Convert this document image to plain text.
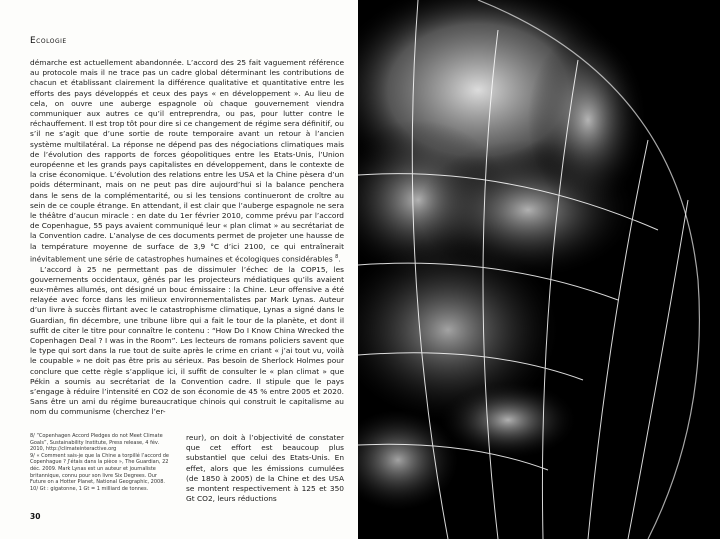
Ecologie

démarche est actuellement abandonnée. L’accord des 25 fait vaguement référence au protocole mais il ne trace pas un cadre global déterminant les contributions de chacun et établissant clairement la différence qualitative et quantitative entre les efforts des pays développés et ceux des pays « en développement ». Au lieu de cela, on ouvre une auberge espagnole où chaque gouvernement viendra communiquer aux autres ce qu’il entreprendra, ou pas, pour lutter contre le réchauffement. Il est trop tôt pour dire si ce changement de régime sera définitif, ou s’il ne s’agit que d’une sortie de route temporaire avant un retour à l’ancien système multilatéral. La réponse ne dépend pas des négociations climatiques mais de l’évolution des rapports de forces géopolitiques entre les Etats-Unis, l’Union européenne et les grands pays capitalistes en développement, dans le contexte de la crise économique. L’évolution des relations entre les USA et la Chine pèsera d’un poids déterminant, mais on ne peut pas dire aujourd’hui si la balance penchera dans le sens de la complémentarité, ou si les tensions continueront de croître au sein de ce couple étrange. En attendant, il est clair que l’auberge espagnole ne sera le théâtre d’aucun miracle : en date du 1er février 2010, comme prévu par l’accord de Copenhague, 55 pays avaient communiqué leur « plan climat » au secrétariat de la Convention cadre. L’analyse de ces documents permet de projeter une hausse de la température moyenne de surface de 3,9 °C d’ici 2100, ce qui entraînerait inévitablement une série de catastrophes humaines et écologiques considérables $^8$.

L’accord à 25 ne permettant pas de dissimuler l’échec de la COP15, les gouvernements occidentaux, gênés par les projecteurs médiatiques qu’ils avaient eux-mêmes allumés, ont désigné un bouc émissaire : la Chine. Leur offensive a été relayée avec force dans les milieux environnementalistes par Mark Lynas. Auteur d’un livre à succès flirtant avec le catastrophisme climatique, Lynas a signé dans le Guardian, fin décembre, une tribune libre qui a fait le tour de la planète, et dont il suffit de citer le titre pour connaître le contenu : “How Do I Know China Wrecked the Copenhagen Deal ? I was in the Room”. Les lecteurs de romans policiers savent que le type qui sort dans la rue tout de suite après le crime en criant « j’ai tout vu, voilà le coupable » ne doit pas être pris au sérieux. Pas besoin de Sherlock Holmes pour conclure que cette règle s’applique ici, il suffit de consulter le « plan climat » que Pékin a soumis au secrétariat de la Convention cadre. Il stipule que le pays s’engage à réduire l’intensité en CO2 de son économie de 45 % entre 2005 et 2020. Sans être un ami du régime bureaucratique chinois qui construit le capitalisme au nom du communisme (cherchez l’er-

8/ “Copenhagen Accord Pledges do not Meet Climate Goals”, Sustainability Institute, Press release, 4 fév. 2010, http://climateinteractive.org

9/ « Comment sais-je que la Chine a torpillé l’accord de Copenhague ? J’étais dans la pièce », The Guardian, 22 déc. 2009. Mark Lynas est un auteur et journaliste britannique, connu pour son livre Six Degrees. Our Future on a Hotter Planet, National Geographic, 2008.

10/ Gt : gigatonne, 1 Gt = 1 milliard de tonnes.

reur), on doit à l’objectivité de constater que cet effort est beaucoup plus substantiel que celui des Etats-Unis. En effet, alors que les émissions cumulées (de 1850 à 2005) de la Chine et des USA se montent respectivement à 125 et 350 Gt CO2, leurs réductions
30
